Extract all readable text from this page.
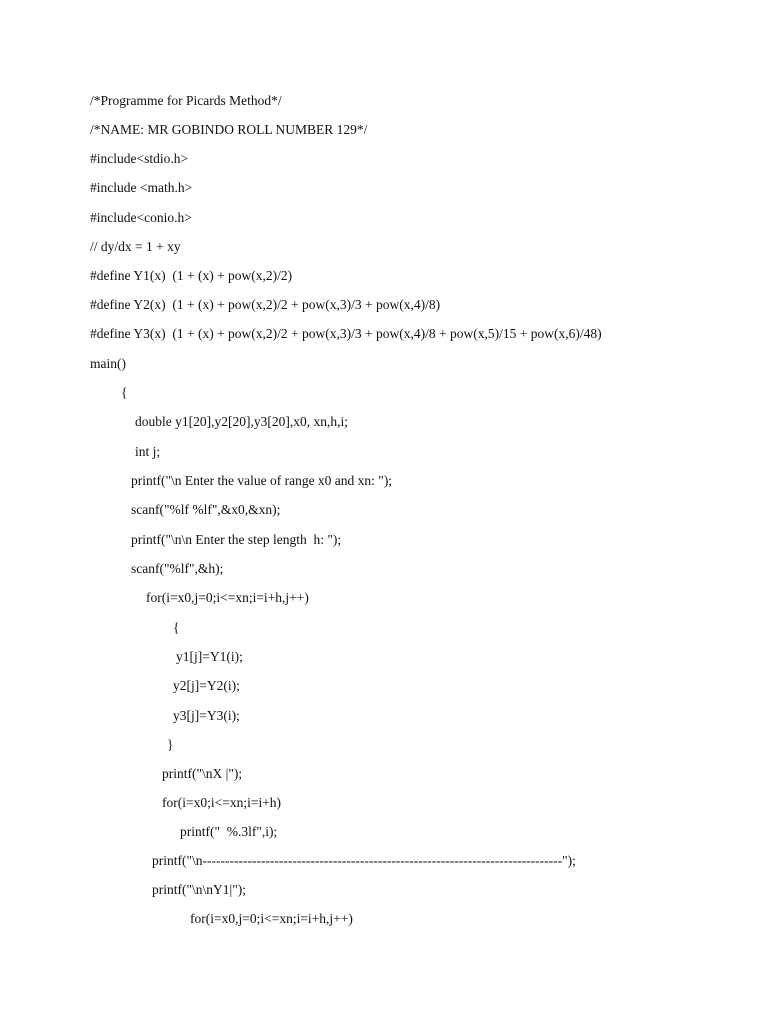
/*Programme for Picards Method*/
/*NAME: MR GOBINDO ROLL NUMBER 129*/
#include<stdio.h>
#include <math.h>
#include<conio.h>
// dy/dx = 1 + xy
#define Y1(x)  (1 + (x) + pow(x,2)/2)
#define Y2(x)  (1 + (x) + pow(x,2)/2 + pow(x,3)/3 + pow(x,4)/8)
#define Y3(x)  (1 + (x) + pow(x,2)/2 + pow(x,3)/3 + pow(x,4)/8 + pow(x,5)/15 + pow(x,6)/48)
main()
{
double y1[20],y2[20],y3[20],x0, xn,h,i;
int j;
printf("\n Enter the value of range x0 and xn: ");
scanf("%lf %lf",&x0,&xn);
printf("\n\n Enter the step length  h: ");
scanf("%lf",&h);
for(i=x0,j=0;i<=xn;i=i+h,j++)
{
y1[j]=Y1(i);
y2[j]=Y2(i);
y3[j]=Y3(i);
}
printf("\nX |");
for(i=x0;i<=xn;i=i+h)
printf("  %.3lf",i);
printf("\n--------------------------------------------------------------------------------");
printf("\n\nY1|");
for(i=x0,j=0;i<=xn;i=i+h,j++)
